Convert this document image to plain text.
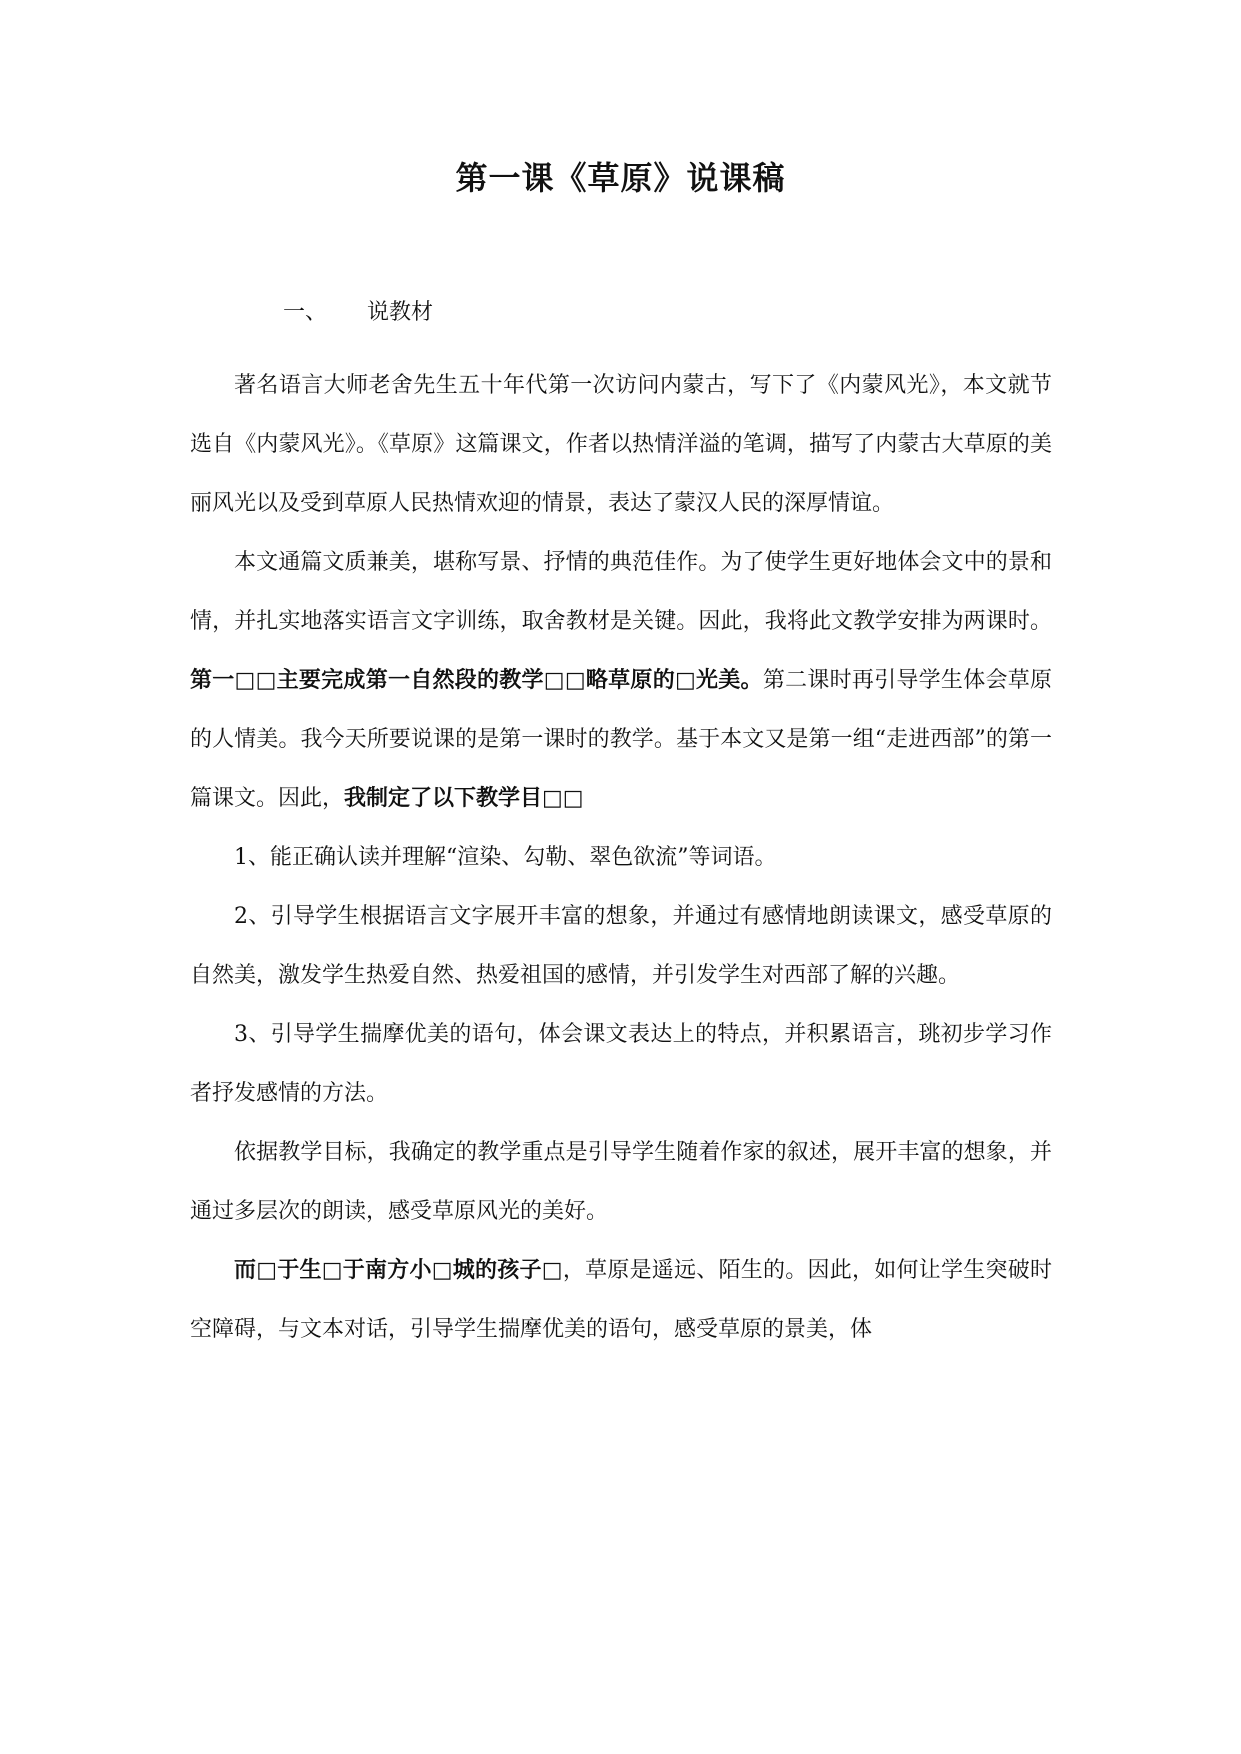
第一课《草原》说课稿
一、 说教材

著名语言大师老舍先生五十年代第一次访问内蒙古，写下了《内蒙风光》，本文就节选自《内蒙风光》。《草原》这篇课文，作者以热情洋溢的笔调，描写了内蒙古大草原的美丽风光以及受到草原人民热情欢迎的情景，表达了蒙汉人民的深厚情谊。

本文通篇文质兼美，堪称写景、抒情的典范佳作。为了使学生更好地体会文中的景和情，并扎实地落实语言文字训练，取舍教材是关键。因此，我将此文教学安排为两课时。第一□□主要完成第一自然段的教学□□略草原的□光美。第二课时再引导学生体会草原的人情美。我今天所要说课的是第一课时的教学。基于本文又是第一组“走进西部”的第一篇课文。因此，我制定了以下教学目□□

1、能正确认读并理解“渲染、勾勒、翠色欲流”等词语。

2、引导学生根据语言文字展开丰富的想象，并通过有感情地朗读课文，感受草原的自然美，激发学生热爱自然、热爱祖国的感情，并引发学生对西部了解的兴趣。

3、引导学生揣摩优美的语句，体会课文表达上的特点，并积累语言，珧初步学习作者抒发感情的方法。

依据教学目标，我确定的教学重点是引导学生随着作家的叙述，展开丰富的想象，并通过多层次的朗读，感受草原风光的美好。

而□于生□于南方小□城的孩子□，草原是遥远、陌生的。因此，如何让学生突破时空障碍，与文本对话，引导学生揣摩优美的语句，感受草原的景美，体
